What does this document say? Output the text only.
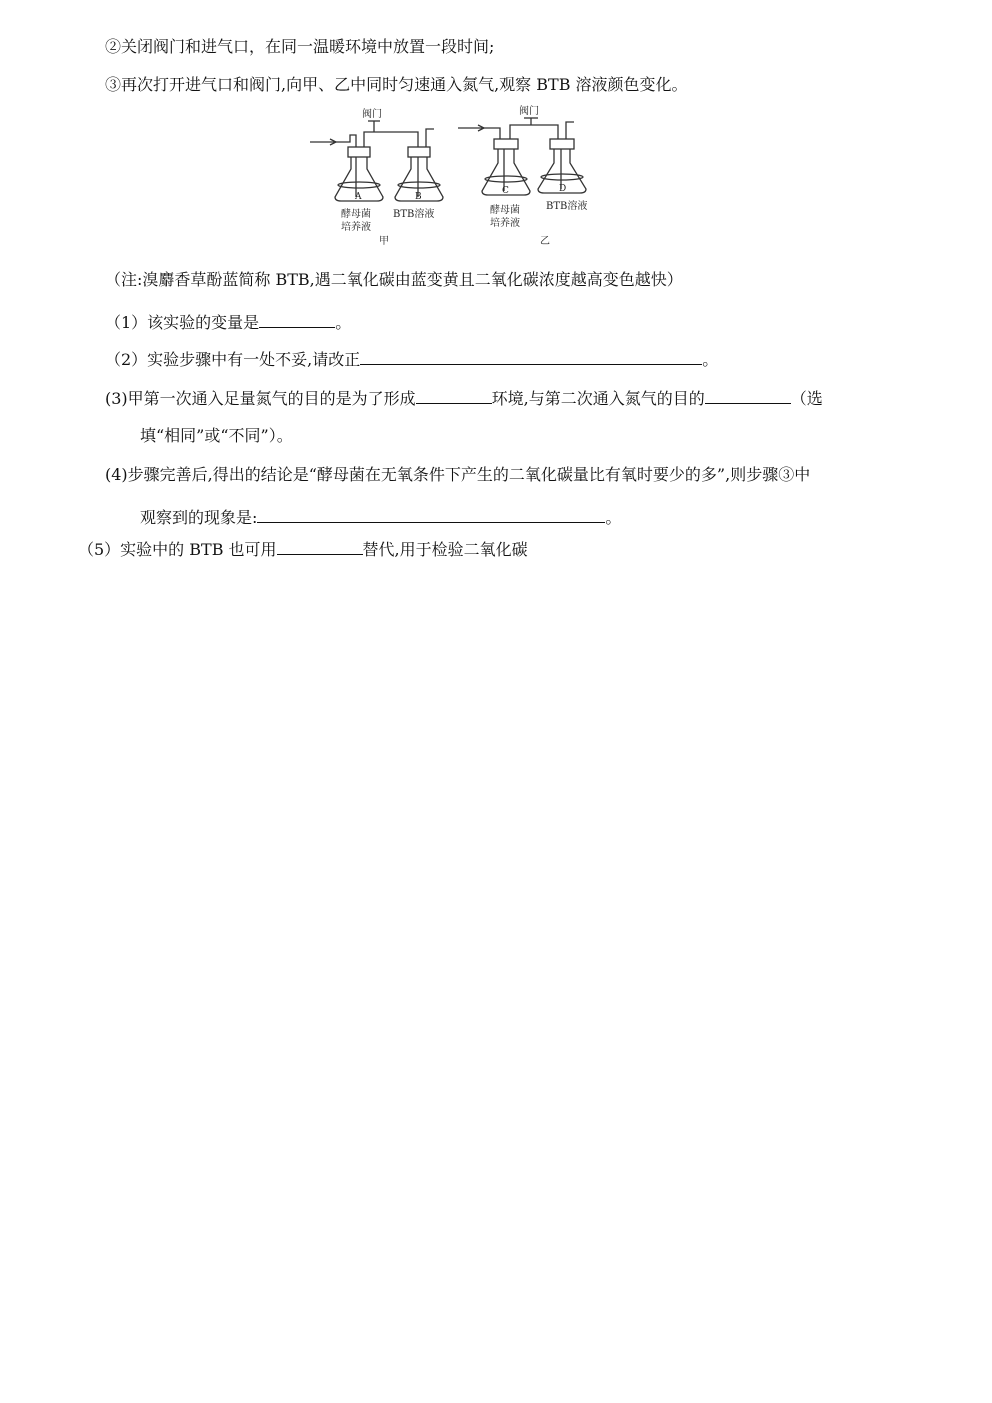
②关闭阀门和进气口，在同一温暖环境中放置一段时间;
③再次打开进气口和阀门,向甲、乙中同时匀速通入氮气,观察 BTB 溶液颜色变化。
阀门	阀门
A	B
C	D
酵母菌
培养液
BTB溶液	酵母菌
培养液
BTB溶液
甲	乙
（注:溴麝香草酚蓝简称 BTB,遇二氧化碳由蓝变黄且二氧化碳浓度越高变色越快）
（1）该实验的变量是	。
（2）实验步骤中有一处不妥,请改正	。
(3)甲第一次通入足量氮气的目的是为了形成	环境,与第二次通入氮气的目的	（选
填“相同”或“不同”）。
(4)步骤完善后,得出的结论是“酵母菌在无氧条件下产生的二氧化碳量比有氧时要少的多”,则步骤③中
观察到的现象是:	。
（5）实验中的 BTB 也可用	替代,用于检验二氧化碳
